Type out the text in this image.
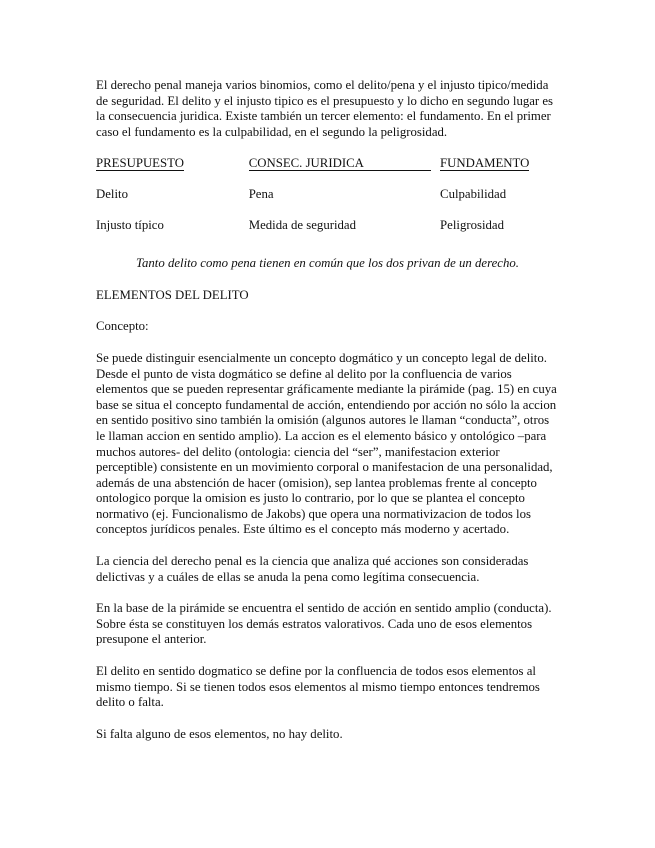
El derecho penal maneja varios binomios, como el delito/pena y el injusto tipico/medida
de seguridad. El delito y el injusto tipico es el presupuesto y lo dicho en segundo lugar es
la consecuencia juridica. Existe también un tercer elemento: el fundamento. En el primer
caso el fundamento es la culpabilidad, en el segundo la peligrosidad.
PRESUPUESTO	CONSEC. JURIDICA	FUNDAMENTO
Delito	Pena	Culpabilidad
Injusto típico	Medida de seguridad	Peligrosidad

Tanto delito como pena tienen en común que los dos privan de un derecho.

ELEMENTOS DEL DELITO

Concepto:

Se puede distinguir esencialmente un concepto dogmático y un concepto legal de delito.
Desde el punto de vista dogmático se define al delito por la confluencia de varios
elementos que se pueden representar gráficamente mediante la pirámide (pag. 15) en cuya
base se situa el concepto fundamental de acción, entendiendo por acción no sólo la accion
en sentido positivo sino también la omisión (algunos autores le llaman “conducta”, otros
le llaman accion en sentido amplio). La accion es el elemento básico y ontológico –para
muchos autores- del delito (ontologia: ciencia del “ser”, manifestacion exterior
perceptible) consistente en un movimiento corporal o manifestacion de una personalidad,
además de una abstención de hacer (omision), sep lantea problemas frente al concepto
ontologico porque la omision es justo lo contrario, por lo que se plantea el concepto
normativo (ej. Funcionalismo de Jakobs) que opera una normativizacion de todos los
conceptos jurídicos penales. Este último es el concepto más moderno y acertado.
La ciencia del derecho penal es la ciencia que analiza qué acciones son consideradas
delictivas y a cuáles de ellas se anuda la pena como legítima consecuencia.
En la base de la pirámide se encuentra el sentido de acción en sentido amplio (conducta).
Sobre ésta se constituyen los demás estratos valorativos. Cada uno de esos elementos
presupone el anterior.
El delito en sentido dogmatico se define por la confluencia de todos esos elementos al
mismo tiempo. Si se tienen todos esos elementos al mismo tiempo entonces tendremos
delito o falta.
Si falta alguno de esos elementos, no hay delito.
